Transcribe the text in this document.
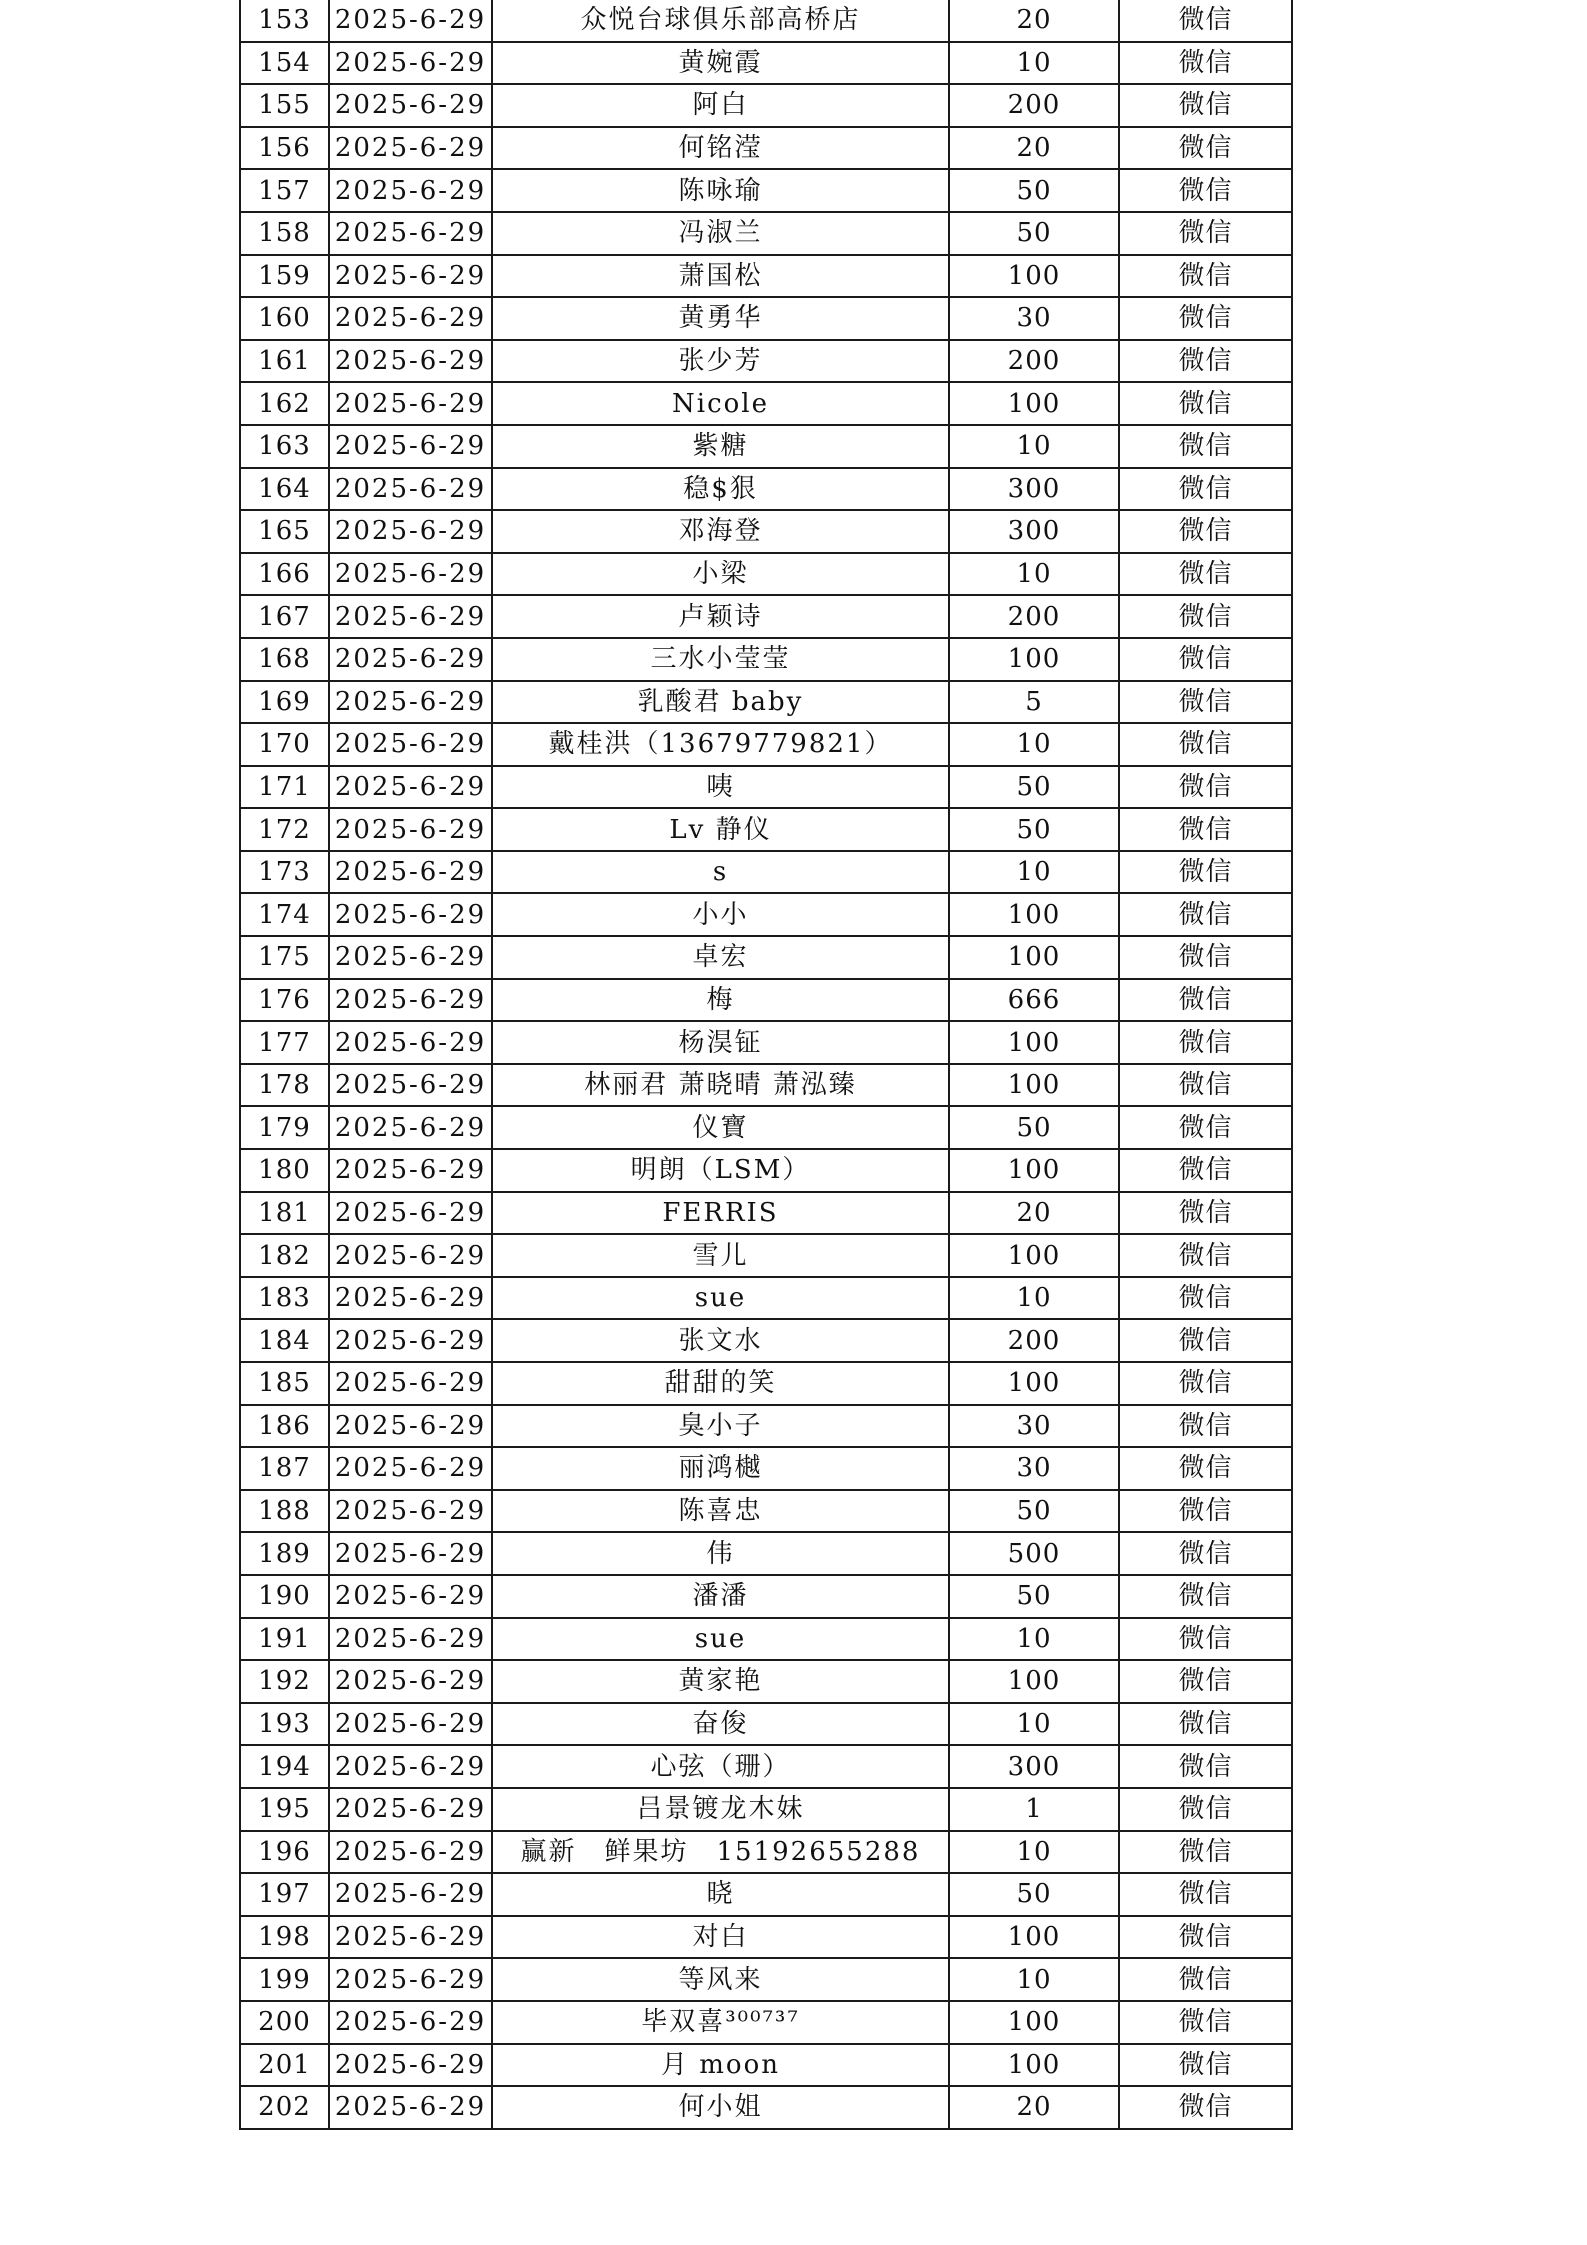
153	2025-6-29	众悦台球俱乐部高桥店	20	微信
154	2025-6-29	黄婉霞	10	微信
155	2025-6-29	阿白	200	微信
156	2025-6-29	何铭滢	20	微信
157	2025-6-29	陈咏瑜	50	微信
158	2025-6-29	冯淑兰	50	微信
159	2025-6-29	萧国松	100	微信
160	2025-6-29	黄勇华	30	微信
161	2025-6-29	张少芳	200	微信
162	2025-6-29	Nicole	100	微信
163	2025-6-29	紫糖	10	微信
164	2025-6-29	稳$狠	300	微信
165	2025-6-29	邓海登	300	微信
166	2025-6-29	小梁	10	微信
167	2025-6-29	卢颖诗	200	微信
168	2025-6-29	三水小莹莹	100	微信
169	2025-6-29	乳酸君 baby	5	微信
170	2025-6-29	戴桂洪（13679779821）	10	微信
171	2025-6-29	咦	50	微信
172	2025-6-29	Lv 静仪	50	微信
173	2025-6-29	s	10	微信
174	2025-6-29	小小	100	微信
175	2025-6-29	卓宏	100	微信
176	2025-6-29	梅	666	微信
177	2025-6-29	杨淏钲	100	微信
178	2025-6-29	林丽君 萧晓晴 萧泓臻	100	微信
179	2025-6-29	仪寶	50	微信
180	2025-6-29	明朗（LSM）	100	微信
181	2025-6-29	FERRIS	20	微信
182	2025-6-29	雪儿	100	微信
183	2025-6-29	sue	10	微信
184	2025-6-29	张文水	200	微信
185	2025-6-29	甜甜的笑	100	微信
186	2025-6-29	臭小子	30	微信
187	2025-6-29	丽鸿樾	30	微信
188	2025-6-29	陈喜忠	50	微信
189	2025-6-29	伟	500	微信
190	2025-6-29	潘潘	50	微信
191	2025-6-29	sue	10	微信
192	2025-6-29	黄家艳	100	微信
193	2025-6-29	奋俊	10	微信
194	2025-6-29	心弦（珊）	300	微信
195	2025-6-29	吕景镀龙木妹	1	微信
196	2025-6-29	赢新　鲜果坊　15192655288	10	微信
197	2025-6-29	晓	50	微信
198	2025-6-29	对白	100	微信
199	2025-6-29	等风来	10	微信
200	2025-6-29	毕双喜³⁰⁰⁷³⁷	100	微信
201	2025-6-29	月 moon	100	微信
202	2025-6-29	何小姐	20	微信
